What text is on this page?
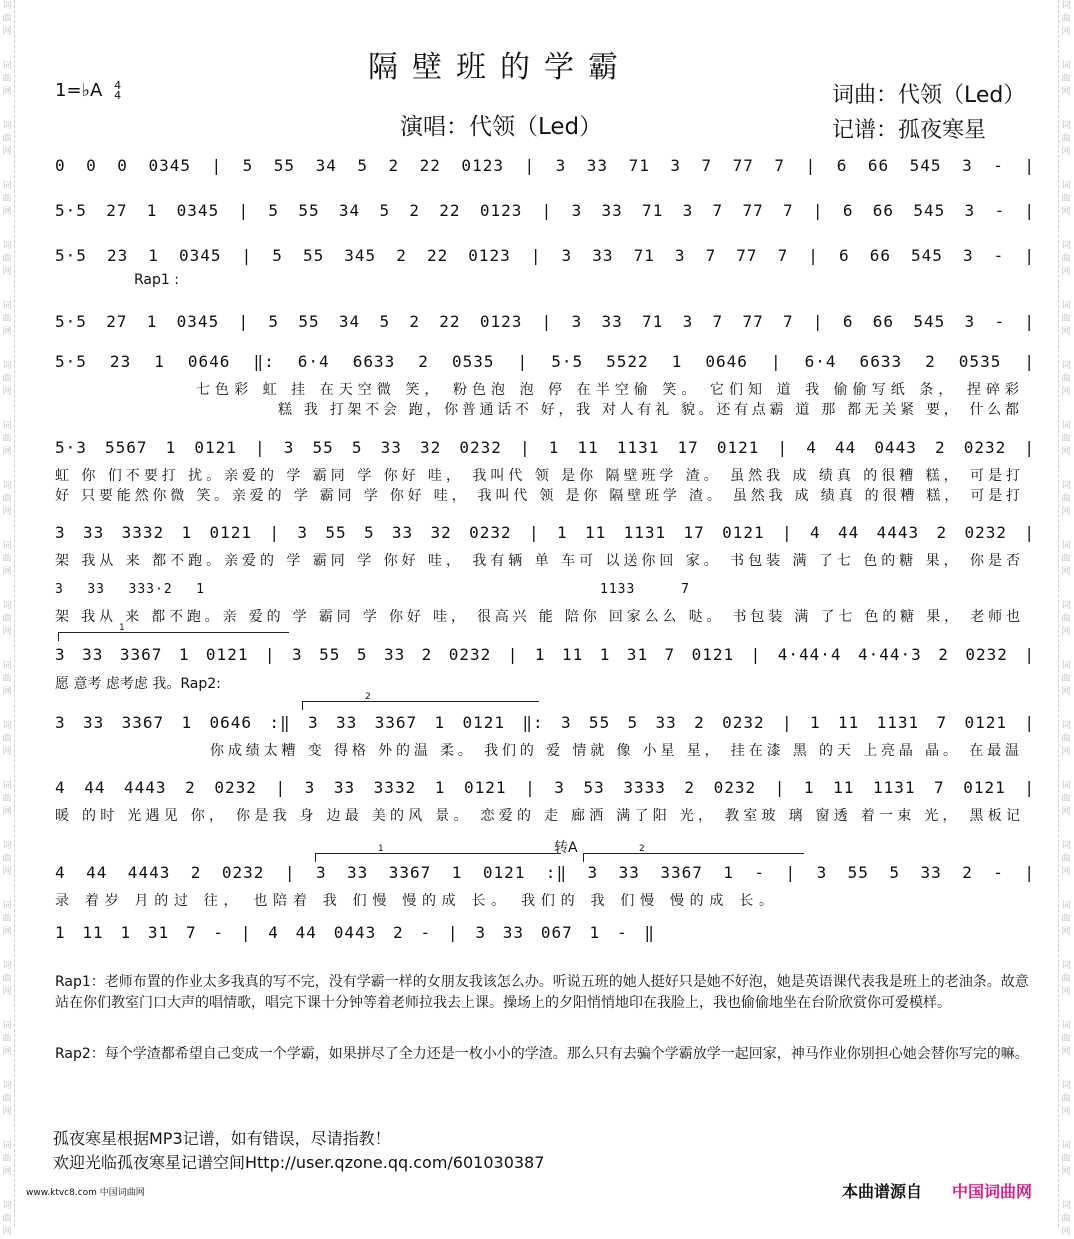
词
曲
网
词
曲
网
词
曲
网
词
曲
网
词
曲
网
词
曲
网
词
曲
网
词
曲
网
词
曲
网
词
曲
网
词
曲
网
词
曲
网
词
曲
网
词
曲
网
词
曲
网
词
曲
网
词
曲
网
词
曲
网
词
曲
网
词
曲
网
词
曲
网
词
曲
网
词
曲
网
词
曲
网
词
曲
网
词
曲
网
词
曲
网
词
曲
网
词
曲
网
词
曲
网
词
曲
网
词
曲
网
词
曲
网
词
曲
网
词
曲
网
词
曲
网
词
曲
网
词
曲
网
词
曲
网
词
曲
网
词
曲
网
词
曲
网
隔壁班的学霸
1=♭A 4
4	词曲：代领（Led）
演唱：代领（Led）	记谱：孤夜寒星
0 0 0 0345 | 5 55 34 5 2 22 0123 | 3 33 71 3 7 77 7 | 6 66 545 3 - |
5·5 27 1 0345 | 5 55 34 5 2 22 0123 | 3 33 71 3 7 77 7 | 6 66 545 3 - |
5·5 23 1 0345 | 5 55 345 2 22 0123 | 3 33 71 3 7 77 7 | 6 66 545 3 - |
Rap1 :
5·5 27 1 0345 | 5 55 34 5 2 22 0123 | 3 33 71 3 7 77 7 | 6 66 545 3 - |
5·5 23 1 0646 ‖: 6·4 6633 2 0535 | 5·5 5522 1 0646 | 6·4 6633 2 0535 |
七色彩 虹 挂 在天空微 笑， 粉色泡 泡 停 在半空偷 笑。 它们知 道 我 偷偷写纸 条， 捏碎彩
糕 我 打架不会 跑，你普通话不 好，我 对人有礼 貌。还有点霸 道 那 都无关紧 要， 什么都
5·3 5567 1 0121 | 3 55 5 33 32 0232 | 1 11 1131 17 0121 | 4 44 0443 2 0232 |
虹 你 们不要打 扰。亲爱的 学 霸同 学 你好 哇， 我叫代 领 是你 隔壁班学 渣。 虽然我 成 绩真 的很糟 糕， 可是打
好 只要能然你微 笑。亲爱的 学 霸同 学 你好 哇， 我叫代 领 是你 隔壁班学 渣。 虽然我 成 绩真 的很糟 糕， 可是打
3 33 3332 1 0121 | 3 55 5 33 32 0232 | 1 11 1131 17 0121 | 4 44 4443 2 0232 |
架 我从 来 都不跑。亲爱的 学 霸同 学 你好 哇， 我有辆 单 车可 以送你回 家。 书包装 满 了七 色的糖 果， 你是否
3 33 333·2 1	1133 7
架 我从 来 都不跑。亲 爱的 学 霸同 学 你好 哇， 很高兴 能 陪你 回家么么 哒。 书包装 满 了七 色的糖 果， 老师也
1
3 33 3367 1 0121 | 3 55 5 33 2 0232 | 1 11 1 31 7 0121 | 4·44·4 4·44·3 2 0232 |
愿 意考 虑考虑 我。Rap2:
2
3 33 3367 1 0646 :‖ 3 33 3367 1 0121 ‖: 3 55 5 33 2 0232 | 1 11 1131 7 0121 |
你成绩太糟 变 得格 外的温 柔。 我们的 爱 情就 像 小星 星， 挂在漆 黑 的天 上亮晶 晶。 在最温
4 44 4443 2 0232 | 3 33 3332 1 0121 | 3 53 3333 2 0232 | 1 11 1131 7 0121 |
暖 的时 光遇见 你， 你是我 身 边最 美的风 景。 恋爱的 走 廊洒 满了阳 光， 教室玻 璃 窗透 着一束 光， 黑板记
转A
1	2
4 44 4443 2 0232 | 3 33 3367 1 0121 :‖ 3 33 3367 1 - | 3 55 5 33 2 - |
录 着岁 月的过 往， 也陪着 我 们慢 慢的成 长。 我们的 我 们慢 慢的成 长。
1 11 1 31 7 - | 4 44 0443 2 - | 3 33 067 1 - ‖
Rap1：老师布置的作业太多我真的写不完，没有学霸一样的女朋友我该怎么办。听说五班的她人挺好只是她不好泡，她是英语课代表我是班上的老油条。故意站在你们教室门口大声的唱情歌，唱完下课十分钟等着老师拉我去上课。操场上的夕阳悄悄地印在我脸上，我也偷偷地坐在台阶欣赏你可爱模样。
Rap2：每个学渣都希望自己变成一个学霸，如果拼尽了全力还是一枚小小的学渣。那么只有去骗个学霸放学一起回家，神马作业你别担心她会替你写完的嘛。
孤夜寒星根据MP3记谱，如有错误，尽请指教！
欢迎光临孤夜寒星记谱空间Http://user.qzone.qq.com/601030387
www.ktvc8.com 中国词曲网	本曲谱源自 中国词曲网
